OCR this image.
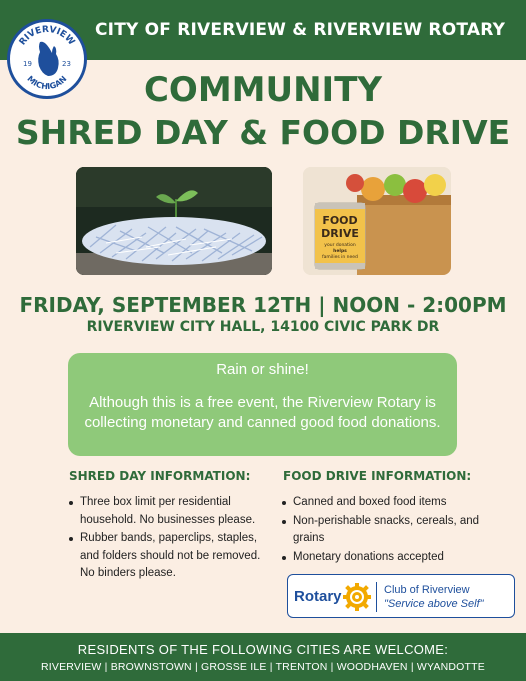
CITY OF RIVERVIEW & RIVERVIEW ROTARY
RIVERVIEW
MICHIGAN
19	23
COMMUNITY
SHRED DAY & FOOD DRIVE
FOOD
DRIVE
your donation
helps
families in need
FRIDAY, SEPTEMBER 12TH | NOON - 2:00PM
RIVERVIEW CITY HALL, 14100 CIVIC PARK DR
Rain or shine!
Although this is a free event, the Riverview Rotary is collecting monetary and canned good food donations.
SHRED DAY INFORMATION:
Three box limit per residential household. No businesses please.
Rubber bands, paperclips, staples, and folders should not be removed. No binders please.
FOOD DRIVE INFORMATION:
Canned and boxed food items
Non-perishable snacks, cereals, and grains
Monetary donations accepted
Rotary	Club of Riverview
"Service above Self"
RESIDENTS OF THE FOLLOWING CITIES ARE WELCOME:
RIVERVIEW | BROWNSTOWN | GROSSE ILE | TRENTON | WOODHAVEN | WYANDOTTE
